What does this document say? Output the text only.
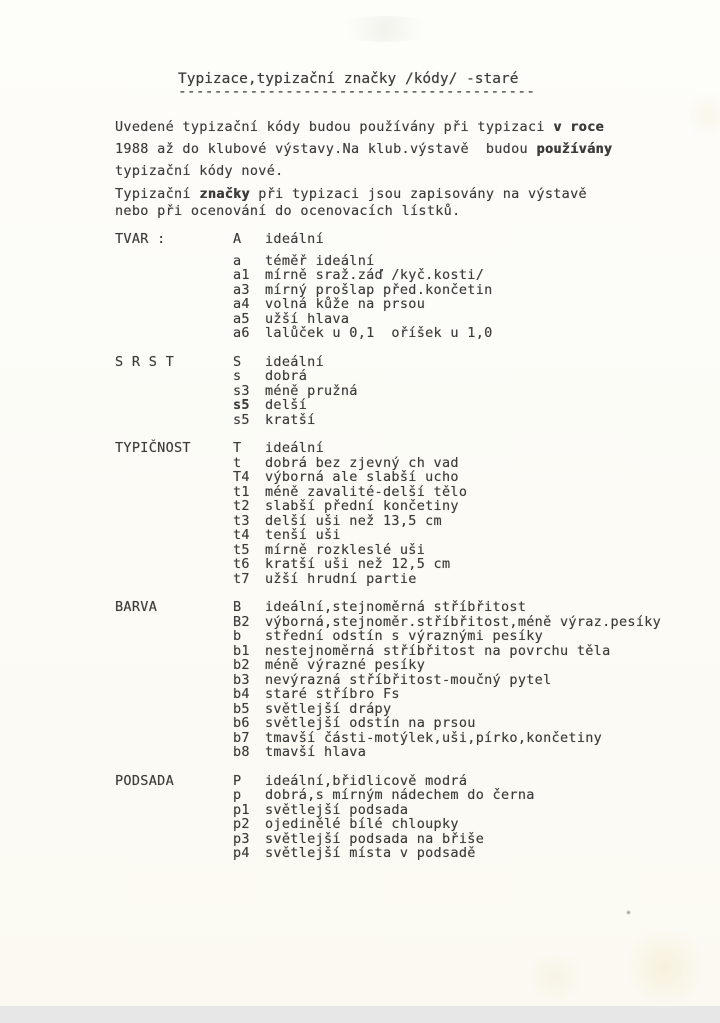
Typizace,typizační značky /kódy/ -staré
----------------------------------------
Uvedené typizační kódy budou používány při typizaci v roce
1988 až do klubové výstavy.Na klub.výstavě  budou používány
typizační kódy nové.
Typizační značky při typizaci jsou zapisovány na výstavě
nebo při ocenování do ocenovacích lístků.
TVAR :	A	ideální
a	téměř ideální
a1	mírně sraž.záď /kyč.kosti/
a3	mírný prošlap před.končetin
a4	volná kůže na prsou
a5	užší hlava
a6	lalůček u 0,1  oříšek u 1,0
S R S T	S	ideální
s	dobrá
s3	méně pružná
s5	delší
s5	kratší
TYPIČNOST	T	ideální
t	dobrá bez zjevný ch vad
T4	výborná ale slabší ucho
t1	méně zavalité-delší tělo
t2	slabší přední končetiny
t3	delší uši než 13,5 cm
t4	tenší uši
t5	mírně rozkleslé uši
t6	kratší uši než 12,5 cm
t7	užší hrudní partie
BARVA	B	ideální,stejnoměrná stříbřitost
B2	výborná,stejnoměr.stříbřitost,méně výraz.pesíky
b	střední odstín s výraznými pesíky
b1	nestejnoměrná stříbřitost na povrchu těla
b2	méně výrazné pesíky
b3	nevýrazná stříbřitost-moučný pytel
b4	staré stříbro Fs
b5	světlejší drápy
b6	světlejší odstín na prsou
b7	tmavší části-motýlek,uši,pírko,končetiny
b8	tmavší hlava
PODSADA	P	ideální,břidlicově modrá
p	dobrá,s mírným nádechem do černa
p1	světlejší podsada
p2	ojedinělé bílé chloupky
p3	světlejší podsada na břiše
p4	světlejší místa v podsadě
